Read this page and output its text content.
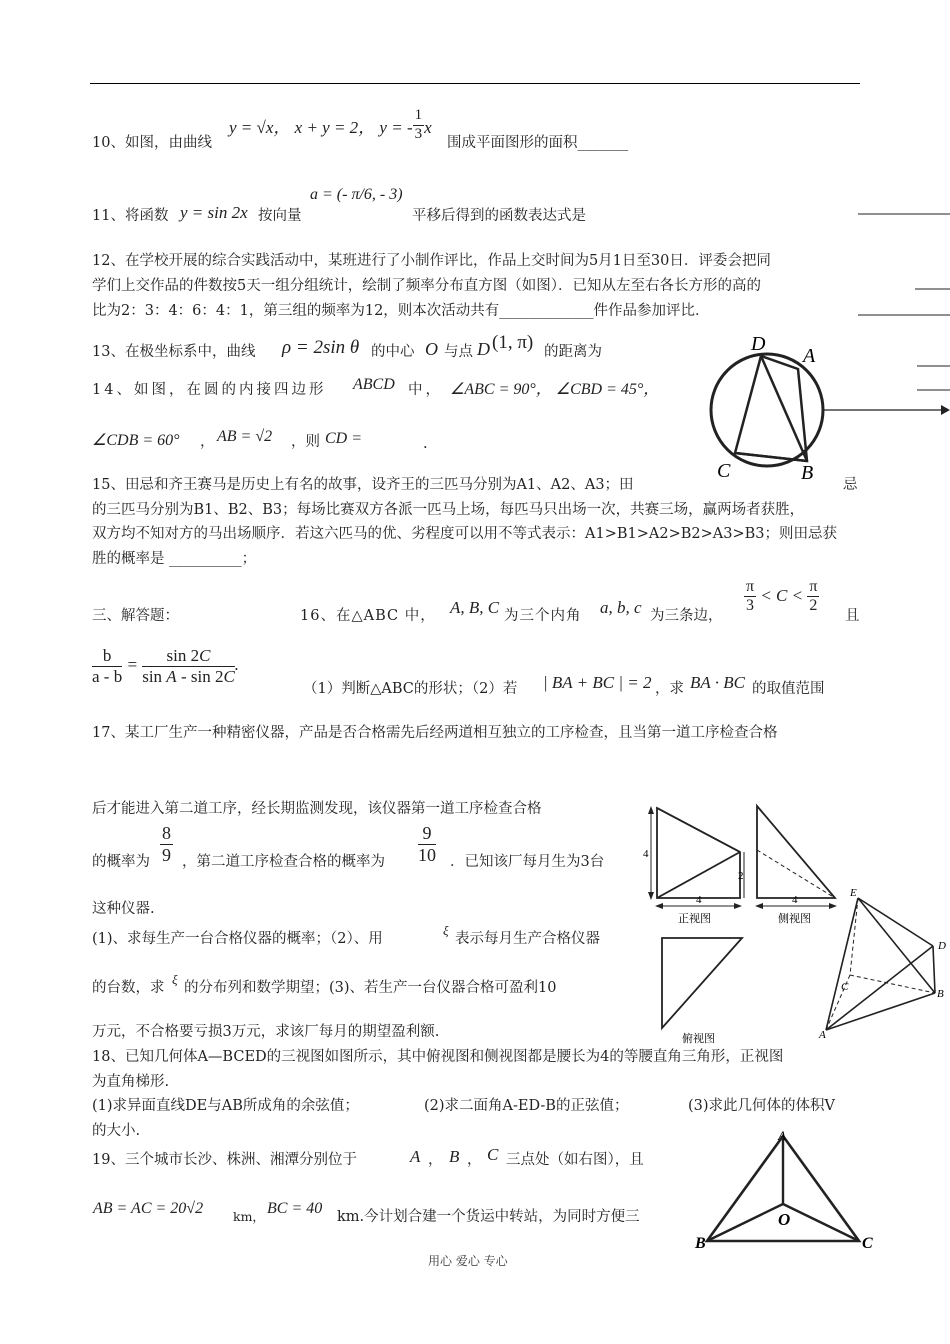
10、如图，由曲线
y = √x， x + y = 2， y = - $\frac{1}{3}$ x
围成平面图形的面积_______
11、将函数 y = sin 2x 按向量
a = (- π/6, - 3)
平移后得到的函数表达式是
12、在学校开展的综合实践活动中，某班进行了小制作评比，作品上交时间为5月1日至30日．评委会把同
学们上交作品的件数按5天一组分组统计，绘制了频率分布直方图（如图）．已知从左至右各长方形的高的
比为2：3：4：6：4：1，第三组的频率为12，则本次活动共有_____________件作品参加评比．
13、在极坐标系中，曲线 ρ = 2sin θ 的中心 O 与点 D (1, π) 的距离为
14、如图，在圆的内接四边形 ABCD 中， ∠ABC = 90°， ∠CBD = 45°，
∠CDB = 60° ， AB = √2 ，则 CD =	.
D
A
C	B
15、田忌和齐王赛马是历史上有名的故事，设齐王的三匹马分别为A1、A2、A3；田	忌
的三匹马分别为B1、B2、B3；每场比赛双方各派一匹马上场，每匹马只出场一次，共赛三场，赢两场者获胜，
双方均不知对方的马出场顺序．若这六匹马的优、劣程度可以用不等式表示：A1>B1>A2>B2>A3>B3；则田忌获
胜的概率是 __________；
三、解答题：	16、在△ABC 中， A, B, C 为三个内角 a, b, c 为三条边，
$\frac{\pi}{3} < C < \frac{\pi}{2}$
且
$\frac{b}{a - b} = \frac{\sin 2C}{\text{sin A - sin 2C}}$ .
（1）判断△ABC的形状；（2）若 | BA + BC | = 2 ，求 BA · BC 的取值范围
17、某工厂生产一种精密仪器，产品是否合格需先后经两道相互独立的工序检查，且当第一道工序检查合格
后才能进入第二道工序，经长期监测发现，该仪器第一道工序检查合格
的概率为 $\frac{8}{9}$ ，第二道工序检查合格的概率为 $\frac{9}{10}$ ．已知该厂每月生为3台
这种仪器.
(1)、求每生产一台合格仪器的概率；（2）、用
ξ
表示每月生产合格仪器
的台数，求
ξ
的分布列和数学期望；(3)、若生产一台仪器合格可盈利10
万元，不合格要亏损3万元，求该厂每月的期望盈利额.
4
2
4
正视图
4
侧视图
俯视图
E
D
C
B
A
18、已知几何体A—BCED的三视图如图所示，其中俯视图和侧视图都是腰长为4的等腰直角三角形，正视图
为直角梯形.
(1)求异面直线DE与AB所成角的余弦值；	(2)求二面角A-ED-B的正弦值；	(3)求此几何体的体积V
的大小.
19、三个城市长沙、株洲、湘潭分别位于	A ， B ， C 三点处（如右图），且
AB = AC = 20√2 km， BC = 40 km.今计划合建一个货运中转站，为同时方便三
A
B	C
O
用心 爱心 专心
